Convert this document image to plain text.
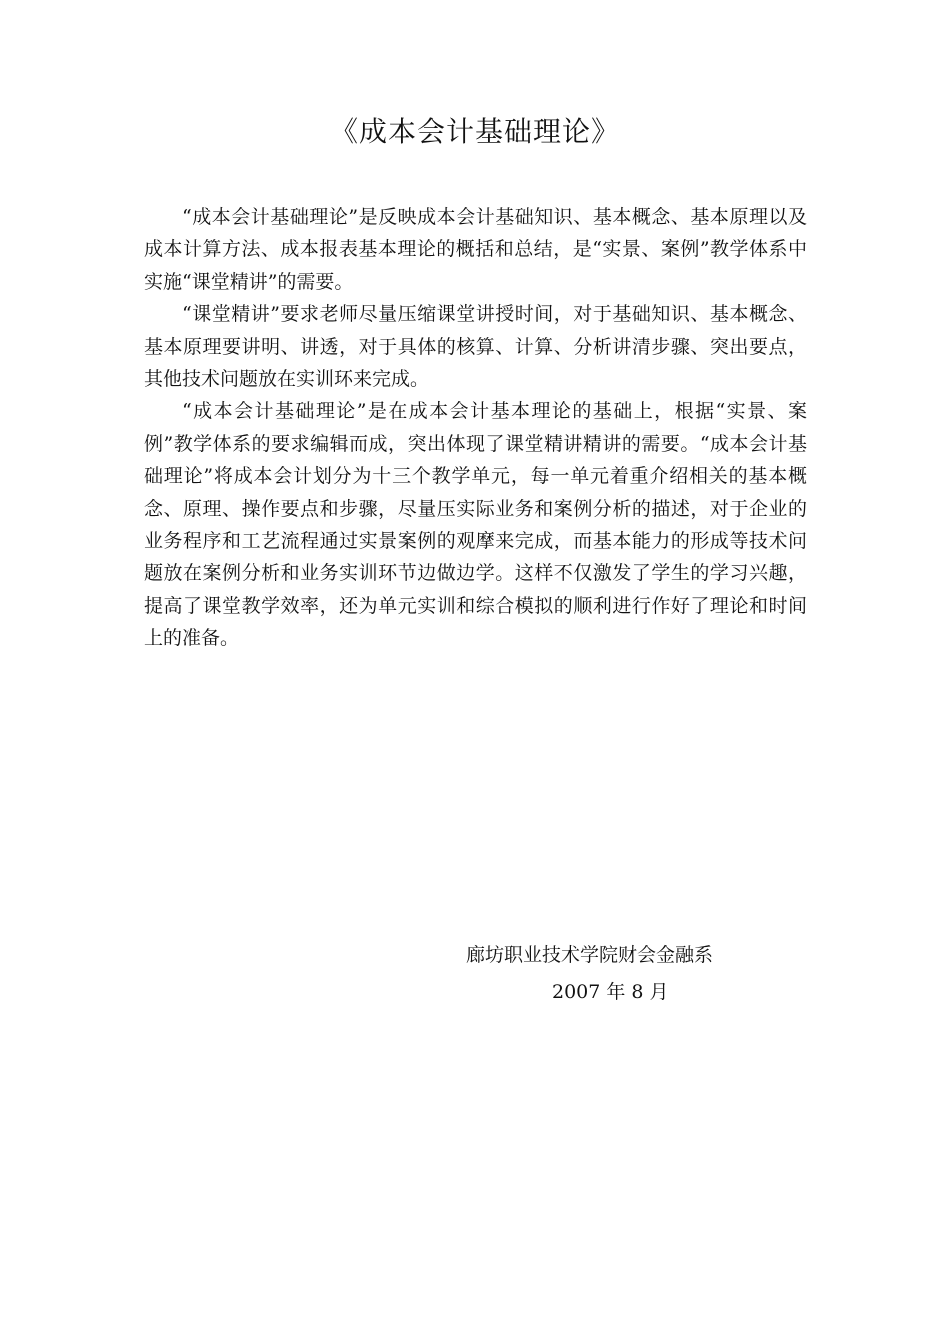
《成本会计基础理论》

“成本会计基础理论”是反映成本会计基础知识、基本概念、基本原理以及成本计算方法、成本报表基本理论的概括和总结，是“实景、案例”教学体系中实施“课堂精讲”的需要。

“课堂精讲”要求老师尽量压缩课堂讲授时间，对于基础知识、基本概念、基本原理要讲明、讲透，对于具体的核算、计算、分析讲清步骤、突出要点，其他技术问题放在实训环来完成。

“成本会计基础理论”是在成本会计基本理论的基础上，根据“实景、案例”教学体系的要求编辑而成，突出体现了课堂精讲精讲的需要。“成本会计基础理论”将成本会计划分为十三个教学单元，每一单元着重介绍相关的基本概念、原理、操作要点和步骤，尽量压实际业务和案例分析的描述，对于企业的业务程序和工艺流程通过实景案例的观摩来完成，而基本能力的形成等技术问题放在案例分析和业务实训环节边做边学。这样不仅激发了学生的学习兴趣，提高了课堂教学效率，还为单元实训和综合模拟的顺利进行作好了理论和时间上的准备。

廊坊职业技术学院财会金融系
2007 年 8 月
